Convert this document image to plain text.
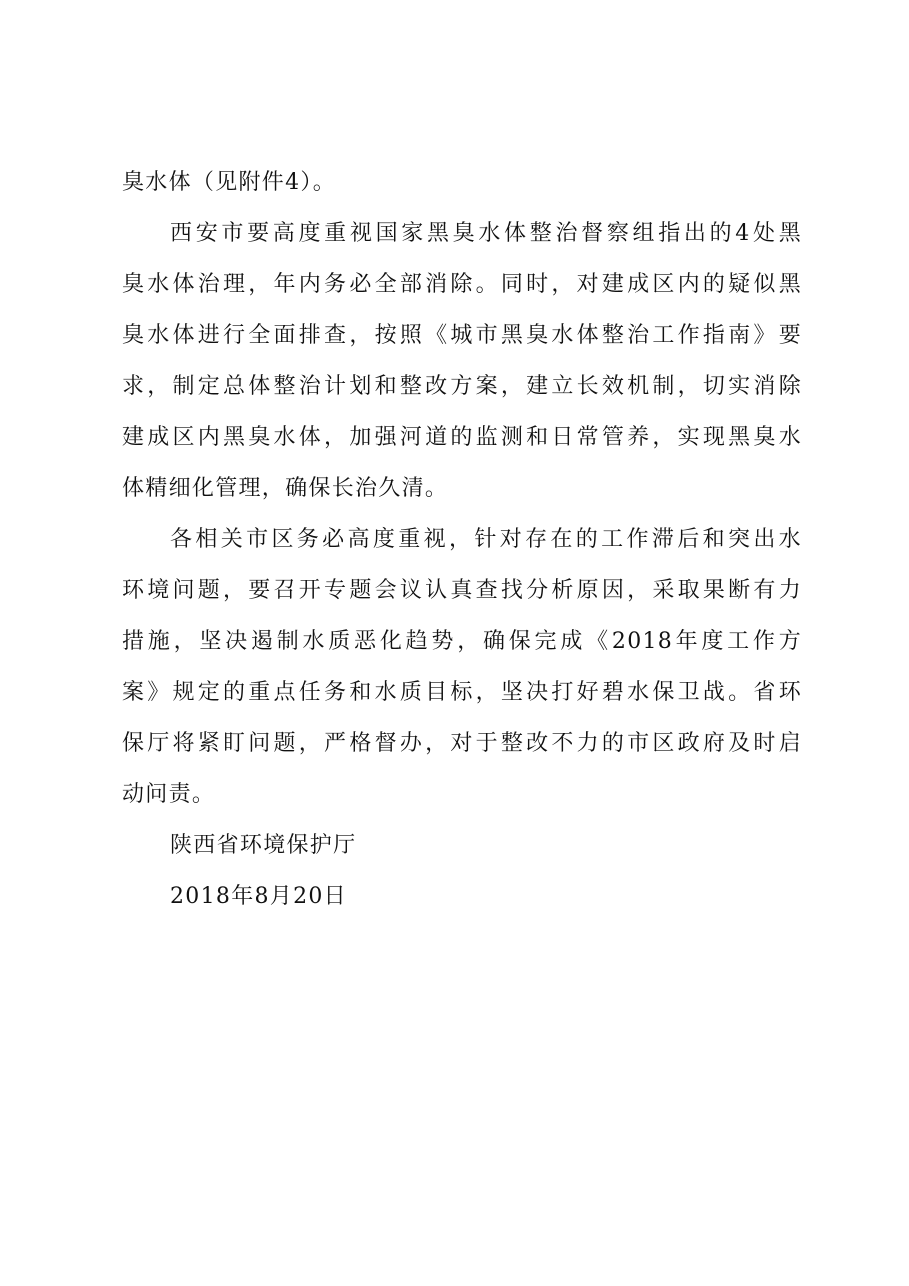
臭水体（见附件4）。
西安市要高度重视国家黑臭水体整治督察组指出的4处黑
臭水体治理，年内务必全部消除。同时，对建成区内的疑似黑
臭水体进行全面排查，按照《城市黑臭水体整治工作指南》要
求，制定总体整治计划和整改方案，建立长效机制，切实消除
建成区内黑臭水体，加强河道的监测和日常管养，实现黑臭水
体精细化管理，确保长治久清。
各相关市区务必高度重视，针对存在的工作滞后和突出水
环境问题，要召开专题会议认真查找分析原因，采取果断有力
措施，坚决遏制水质恶化趋势，确保完成《2018年度工作方
案》规定的重点任务和水质目标，坚决打好碧水保卫战。省环
保厅将紧盯问题，严格督办，对于整改不力的市区政府及时启
动问责。
陕西省环境保护厅
2018年8月20日
